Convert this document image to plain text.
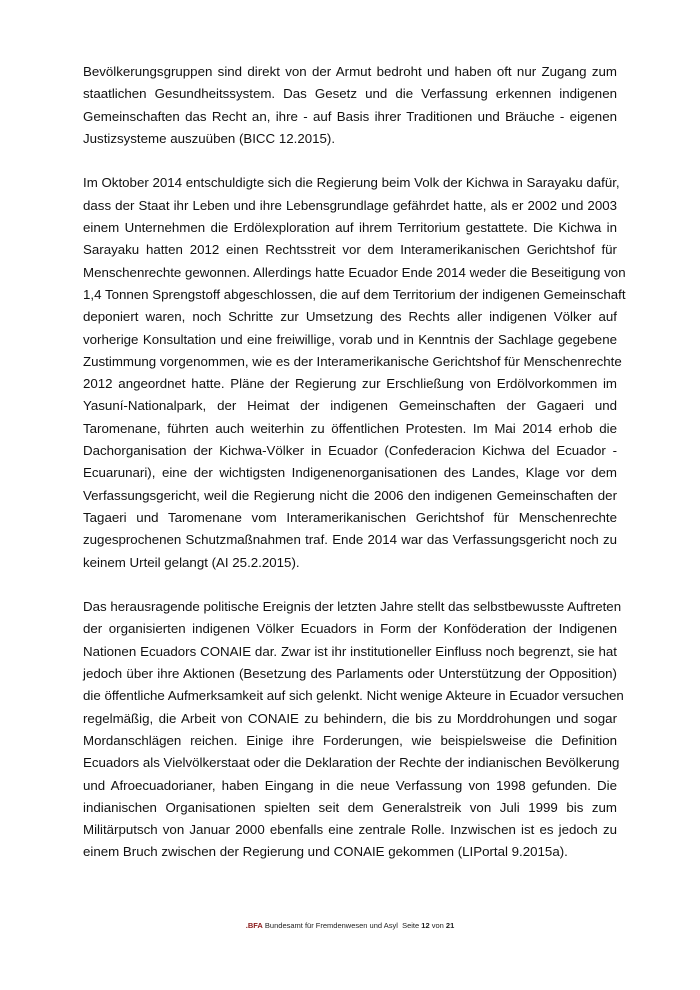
Bevölkerungsgruppen sind direkt von der Armut bedroht und haben oft nur Zugang zum
staatlichen Gesundheitssystem. Das Gesetz und die Verfassung erkennen indigenen
Gemeinschaften das Recht an, ihre - auf Basis ihrer Traditionen und Bräuche - eigenen
Justizsysteme auszuüben (BICC 12.2015).
Im Oktober 2014 entschuldigte sich die Regierung beim Volk der Kichwa in Sarayaku dafür,
dass der Staat ihr Leben und ihre Lebensgrundlage gefährdet hatte, als er 2002 und 2003
einem Unternehmen die Erdölexploration auf ihrem Territorium gestattete. Die Kichwa in
Sarayaku hatten 2012 einen Rechtsstreit vor dem Interamerikanischen Gerichtshof für
Menschenrechte gewonnen. Allerdings hatte Ecuador Ende 2014 weder die Beseitigung von
1,4 Tonnen Sprengstoff abgeschlossen, die auf dem Territorium der indigenen Gemeinschaft
deponiert waren, noch Schritte zur Umsetzung des Rechts aller indigenen Völker auf
vorherige Konsultation und eine freiwillige, vorab und in Kenntnis der Sachlage gegebene
Zustimmung vorgenommen, wie es der Interamerikanische Gerichtshof für Menschenrechte
2012 angeordnet hatte. Pläne der Regierung zur Erschließung von Erdölvorkommen im
Yasuní-Nationalpark, der Heimat der indigenen Gemeinschaften der Gagaeri und
Taromenane, führten auch weiterhin zu öffentlichen Protesten. Im Mai 2014 erhob die
Dachorganisation der Kichwa-Völker in Ecuador (Confederacion Kichwa del Ecuador -
Ecuarunari), eine der wichtigsten Indigenenorganisationen des Landes, Klage vor dem
Verfassungsgericht, weil die Regierung nicht die 2006 den indigenen Gemeinschaften der
Tagaeri und Taromenane vom Interamerikanischen Gerichtshof für Menschenrechte
zugesprochenen Schutzmaßnahmen traf. Ende 2014 war das Verfassungsgericht noch zu
keinem Urteil gelangt (AI 25.2.2015).
Das herausragende politische Ereignis der letzten Jahre stellt das selbstbewusste Auftreten
der organisierten indigenen Völker Ecuadors in Form der Konföderation der Indigenen
Nationen Ecuadors CONAIE dar. Zwar ist ihr institutioneller Einfluss noch begrenzt, sie hat
jedoch über ihre Aktionen (Besetzung des Parlaments oder Unterstützung der Opposition)
die öffentliche Aufmerksamkeit auf sich gelenkt. Nicht wenige Akteure in Ecuador versuchen
regelmäßig, die Arbeit von CONAIE zu behindern, die bis zu Morddrohungen und sogar
Mordanschlägen reichen. Einige ihre Forderungen, wie beispielsweise die Definition
Ecuadors als Vielvölkerstaat oder die Deklaration der Rechte der indianischen Bevölkerung
und Afroecuadorianer, haben Eingang in die neue Verfassung von 1998 gefunden. Die
indianischen Organisationen spielten seit dem Generalstreik von Juli 1999 bis zum
Militärputsch von Januar 2000 ebenfalls eine zentrale Rolle. Inzwischen ist es jedoch zu
einem Bruch zwischen der Regierung und CONAIE gekommen (LIPortal 9.2015a).
.BFA Bundesamt für Fremdenwesen und Asyl Seite 12 von 21
